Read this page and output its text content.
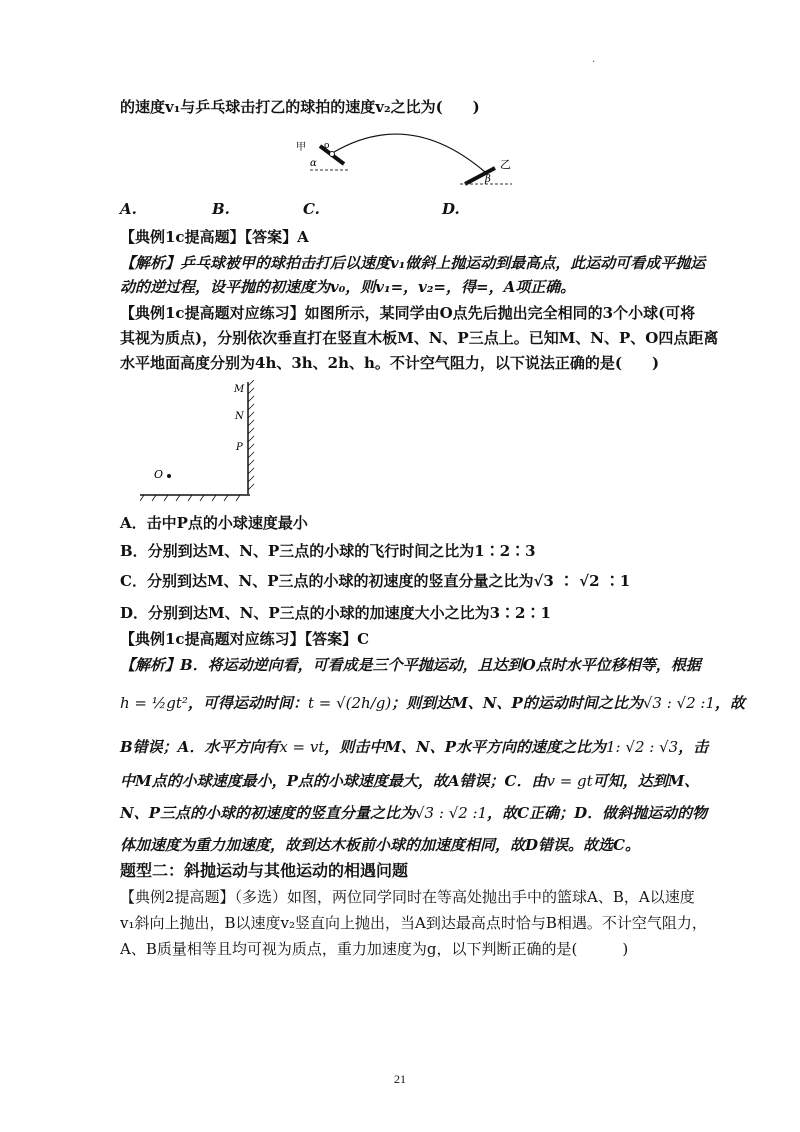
.
的速度v₁与乒乓球击打乙的球拍的速度v₂之比为(　　)
甲 o
α	乙
β
A.	B.	C.	D.
【典例1c提高题】【答案】A
【解析】乒乓球被甲的球拍击打后以速度v₁做斜上抛运动到最高点，此运动可看成平抛运
动的逆过程，设平抛的初速度为v₀，则v₁=，v₂=，得=，A项正确。
【典例1c提高题对应练习】如图所示，某同学由O点先后抛出完全相同的3个小球(可将
其视为质点)，分别依次垂直打在竖直木板M、N、P三点上。已知M、N、P、O四点距离
水平地面高度分别为4h、3h、2h、h。不计空气阻力，以下说法正确的是(　　)
M
N
P
O
A．击中P点的小球速度最小
B．分别到达M、N、P三点的小球的飞行时间之比为1∶2∶3
C．分别到达M、N、P三点的小球的初速度的竖直分量之比为√3 ∶ √2 ∶1
D．分别到达M、N、P三点的小球的加速度大小之比为3∶2∶1
【典例1c提高题对应练习】【答案】C
【解析】B．将运动逆向看，可看成是三个平抛运动，且达到O点时水平位移相等，根据
h = ½gt²，可得运动时间：t = √(2h/g)；则到达M、N、P的运动时间之比为√3 : √2 :1，故
B错误；A．水平方向有x = vt，则击中M、N、P水平方向的速度之比为1: √2 : √3，击
中M点的小球速度最小，P点的小球速度最大，故A错误；C．由v = gt可知，达到M、
N、P三点的小球的初速度的竖直分量之比为√3 : √2 :1，故C正确；D．做斜抛运动的物
体加速度为重力加速度，故到达木板前小球的加速度相同，故D错误。故选C。
题型二：斜抛运动与其他运动的相遇问题
【典例2提高题】（多选）如图，两位同学同时在等高处抛出手中的篮球A、B，A以速度
v₁斜向上抛出，B以速度v₂竖直向上抛出，当A到达最高点时恰与B相遇。不计空气阻力，
A、B质量相等且均可视为质点，重力加速度为g，以下判断正确的是(　　　)
21
